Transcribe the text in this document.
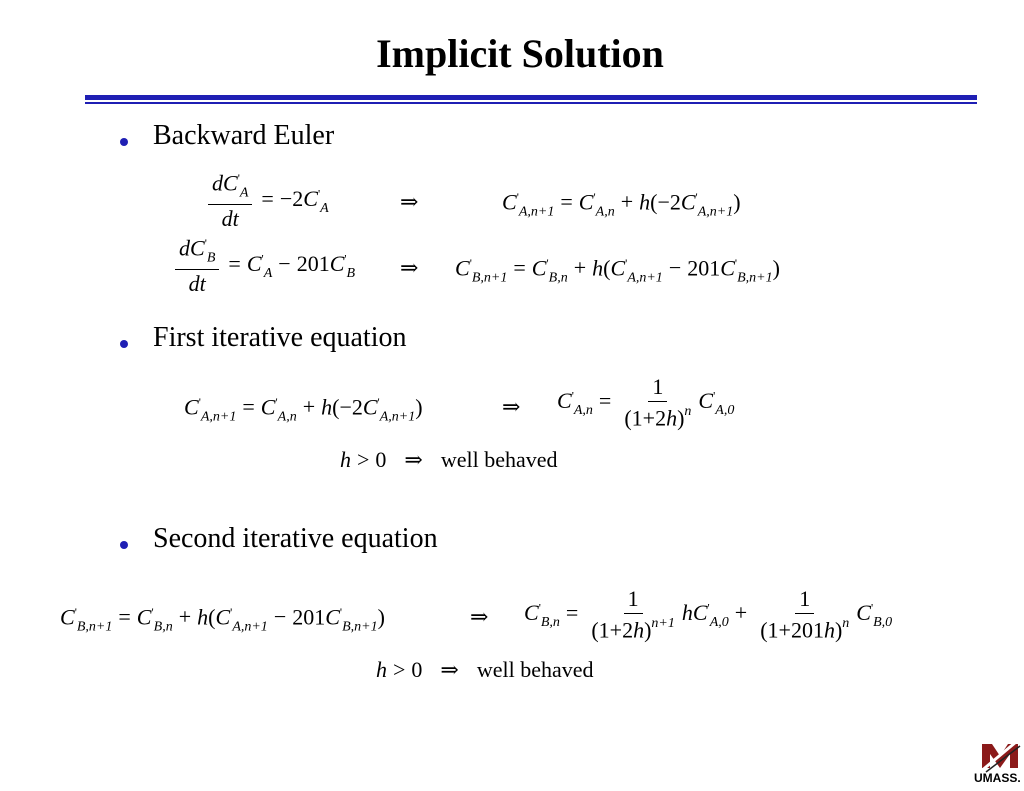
Implicit Solution
Backward Euler
$\frac{dC'_A}{dt} = -2C'_A$	⇒	$C'_{A,n+1} = C'_{A,n} + h(-2C'_{A,n+1})$
$\frac{dC'_B}{dt} = C'_A - 201C'_B$ ⇒ $C'_{B,n+1} = C'_{B,n} + h(C'_{A,n+1} - 201C'_{B,n+1})$
First iterative equation
$C'_{A,n+1} = C'_{A,n} + h(-2C'_{A,n+1})$	⇒ $C'_{A,n} = \frac{1}{(1+2h)^n} C'_{A,0}$
h > 0 ⇒ well behaved
Second iterative equation
$C'_{B,n+1} = C'_{B,n} + h(C'_{A,n+1} - 201C'_{B,n+1})$	⇒ $C'_{B,n} = \frac{1}{(1+2h)^{n+1}} hC'_{A,0} + \frac{1}{(1+201h)^n} C'_{B,0}$
h > 0 ⇒ well behaved
UMASS.
